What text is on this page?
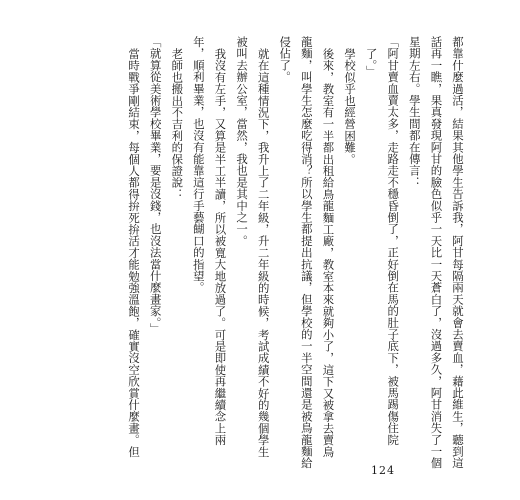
都靠什麼過活，結果其他學生告訴我，阿甘每隔兩天就會去賣血，藉此維生，聽到這
話再一瞧，果真發現阿甘的臉色似乎一天比一天蒼白了，沒過多久，阿甘消失了一個
星期左右。學生間都在傳言：
「阿甘賣血賣太多，走路走不穩昏倒了，正好倒在馬的肚子底下，被馬踢傷住院
了。」
學校似乎也經營困難。
後來，教室有一半都出租給鳥龍麵工廠，教室本來就夠小了，這下又被拿去賣鳥
龍麵，叫學生怎麼吃得消？所以學生都提出抗議，但學校的一半空間還是被鳥龍麵給
侵佔了。
就在這種情況下，我升上了二年級，升二年級的時候，考試成績不好的幾個學生
被叫去辦公室，當然，我也是其中之一。
我沒有左手，又算是半工半讀，所以被寬大地放過了。可是即使再繼續念上兩
年，順利畢業，也沒有能靠這行手藝餬口的指望。
老師也搬出不吉利的保證說：
「就算從美術學校畢業，要是沒錢，也沒法當什麼畫家。」
當時戰爭剛結束，每個人都得拚死拚活才能勉強溫飽，確實沒空欣賞什麼畫。但
124
